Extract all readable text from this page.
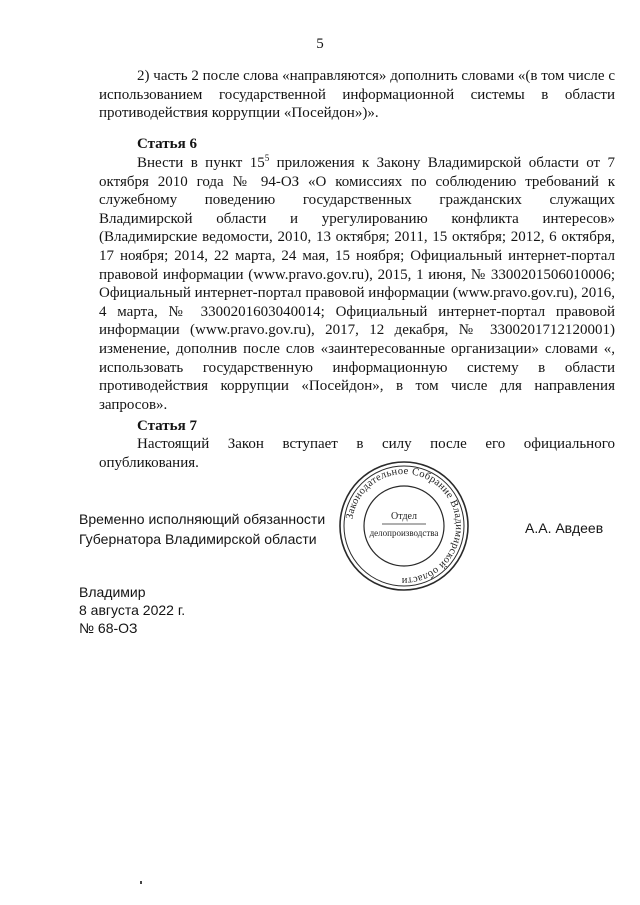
5

2) часть 2 после слова «направляются» дополнить словами «(в том числе с использованием государственной информационной системы в области противодействия коррупции «Посейдон»)».

Статья 6

Внести в пункт $15^5$ приложения к Закону Владимирской области от 7 октября 2010 года № 94-ОЗ «О комиссиях по соблюдению требований к служебному поведению государственных гражданских служащих Владимирской области и урегулированию конфликта интересов» (Владимирские ведомости, 2010, 13 октября; 2011, 15 октября; 2012, 6 октября, 17 ноября; 2014, 22 марта, 24 мая, 15 ноября; Официальный интернет-портал правовой информации (www.pravo.gov.ru), 2015, 1 июня, № 3300201506010006; Официальный интернет-портал правовой информации (www.pravo.gov.ru), 2016, 4 марта, № 3300201603040014; Официальный интернет-портал правовой информации (www.pravo.gov.ru), 2017, 12 декабря, № 3300201712120001) изменение, дополнив после слов «заинтересованные организации» словами «, использовать государственную информационную систему в области противодействия коррупции «Посейдон», в том числе для направления запросов».

Статья 7

Настоящий Закон вступает в силу после его официального опубликования.

Временно исполняющий обязанности
Губернатора Владимирской области
А.А. Авдеев
Законодательное Собрание Владимирской области
Отдел
делопроизводства
Владимир
8 августа 2022 г.
№ 68-ОЗ
